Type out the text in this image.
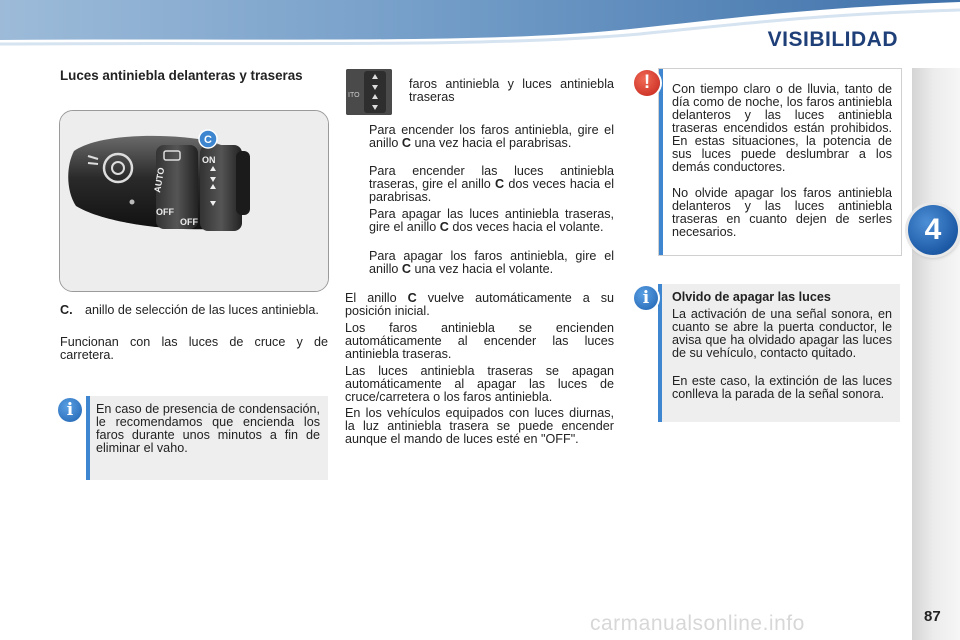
VISIBILIDAD
4
Luces antiniebla delanteras y traseras
AUTO
OFF
ON
OFF
C
C. anillo de selección de las luces antiniebla.
Funcionan con las luces de cruce y de carretera.
En caso de presencia de condensación, le recomendamos que encienda los faros durante unos minutos a fin de eliminar el vaho.
i
ITO
faros antiniebla y luces antiniebla traseras
Para encender los faros antiniebla, gire el anillo C una vez hacia el parabrisas.
Para encender las luces antiniebla traseras, gire el anillo C dos veces hacia el parabrisas.
Para apagar las luces antiniebla traseras, gire el anillo C dos veces hacia el volante.
Para apagar los faros antiniebla, gire el anillo C una vez hacia el volante.
El anillo C vuelve automáticamente a su posición inicial.
Los faros antiniebla se encienden automáticamente al encender las luces antiniebla traseras.
Las luces antiniebla traseras se apagan automáticamente al apagar las luces de cruce/carretera o los faros antiniebla.
En los vehículos equipados con luces diurnas, la luz antiniebla trasera se puede encender aunque el mando de luces esté en "OFF".
Con tiempo claro o de lluvia, tanto de día como de noche, los faros antiniebla delanteros y las luces antiniebla traseras encendidos están prohibidos. En estas situaciones, la potencia de sus luces puede deslumbrar a los demás conductores.
No olvide apagar los faros antiniebla delanteros y las luces antiniebla traseras en cuanto dejen de serles necesarios.
!
Olvido de apagar las luces
La activación de una señal sonora, en cuanto se abre la puerta conductor, le avisa que ha olvidado apagar las luces de su vehículo, contacto quitado.
En este caso, la extinción de las luces conlleva la parada de la señal sonora.
i
carmanualsonline.info	87
